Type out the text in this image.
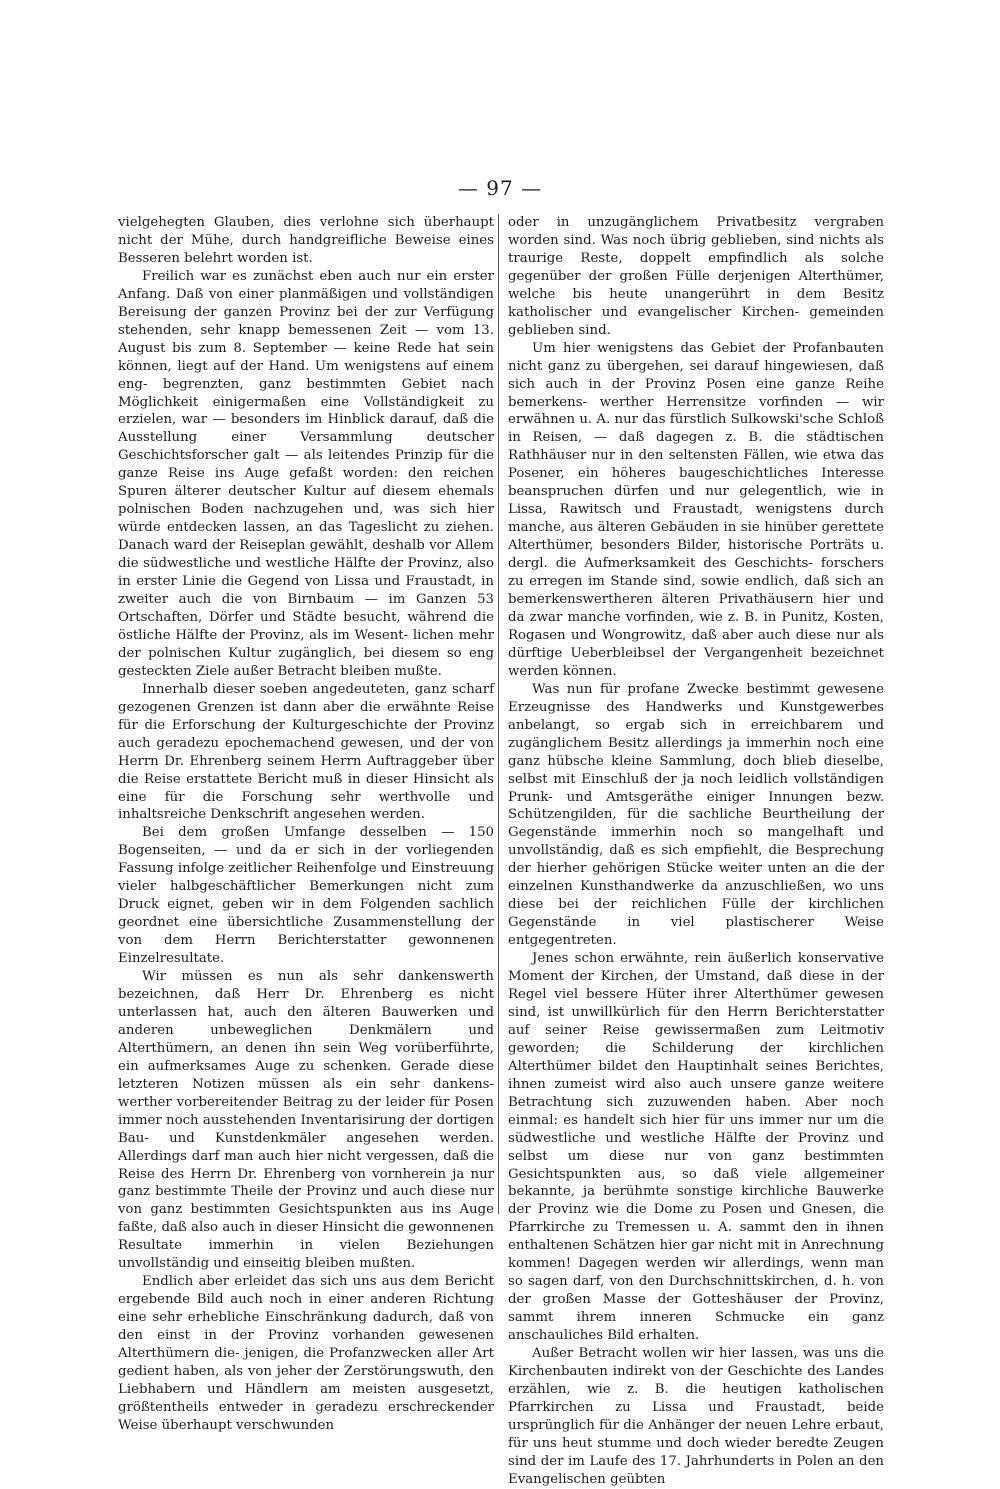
— 97 —

vielgehegten Glauben, dies verlohne sich überhaupt nicht der Mühe, durch handgreifliche Beweise eines Besseren belehrt worden ist.

Freilich war es zunächst eben auch nur ein erster Anfang. Daß von einer planmäßigen und vollständigen Bereisung der ganzen Provinz bei der zur Verfügung stehenden, sehr knapp bemessenen Zeit — vom 13. August bis zum 8. September — keine Rede hat sein können, liegt auf der Hand. Um wenigstens auf einem eng- begrenzten, ganz bestimmten Gebiet nach Möglichkeit einigermaßen eine Vollständigkeit zu erzielen, war — besonders im Hinblick darauf, daß die Ausstellung einer Versammlung deutscher Geschichtsforscher galt — als leitendes Prinzip für die ganze Reise ins Auge gefaßt worden: den reichen Spuren älterer deutscher Kultur auf diesem ehemals polnischen Boden nachzugehen und, was sich hier würde entdecken lassen, an das Tageslicht zu ziehen. Danach ward der Reiseplan gewählt, deshalb vor Allem die südwestliche und westliche Hälfte der Provinz, also in erster Linie die Gegend von Lissa und Fraustadt, in zweiter auch die von Birnbaum — im Ganzen 53 Ortschaften, Dörfer und Städte besucht, während die östliche Hälfte der Provinz, als im Wesent- lichen mehr der polnischen Kultur zugänglich, bei diesem so eng gesteckten Ziele außer Betracht bleiben mußte.

Innerhalb dieser soeben angedeuteten, ganz scharf gezogenen Grenzen ist dann aber die erwähnte Reise für die Erforschung der Kulturgeschichte der Provinz auch geradezu epochemachend gewesen, und der von Herrn Dr. Ehrenberg seinem Herrn Auftraggeber über die Reise erstattete Bericht muß in dieser Hinsicht als eine für die Forschung sehr werthvolle und inhaltsreiche Denkschrift angesehen werden.

Bei dem großen Umfange desselben — 150 Bogenseiten, — und da er sich in der vorliegenden Fassung infolge zeitlicher Reihenfolge und Einstreuung vieler halbgeschäftlicher Bemerkungen nicht zum Druck eignet, geben wir in dem Folgenden sachlich geordnet eine übersichtliche Zusammenstellung der von dem Herrn Berichterstatter gewonnenen Einzelresultate.

Wir müssen es nun als sehr dankenswerth bezeichnen, daß Herr Dr. Ehrenberg es nicht unterlassen hat, auch den älteren Bauwerken und anderen unbeweglichen Denkmälern und Alterthümern, an denen ihn sein Weg vorüberführte, ein aufmerksames Auge zu schenken. Gerade diese letzteren Notizen müssen als ein sehr dankens- werther vorbereitender Beitrag zu der leider für Posen immer noch ausstehenden Inventarisirung der dortigen Bau- und Kunstdenkmäler angesehen werden. Allerdings darf man auch hier nicht vergessen, daß die Reise des Herrn Dr. Ehrenberg von vornherein ja nur ganz bestimmte Theile der Provinz und auch diese nur von ganz bestimmten Gesichtspunkten aus ins Auge faßte, daß also auch in dieser Hinsicht die gewonnenen Resultate immerhin in vielen Beziehungen unvollständig und einseitig bleiben mußten.

Endlich aber erleidet das sich uns aus dem Bericht ergebende Bild auch noch in einer anderen Richtung eine sehr erhebliche Einschränkung dadurch, daß von den einst in der Provinz vorhanden gewesenen Alterthümern die- jenigen, die Profanzwecken aller Art gedient haben, als von jeher der Zerstörungswuth, den Liebhabern und Händlern am meisten ausgesetzt, größtentheils entweder in geradezu erschreckender Weise überhaupt verschwunden

oder in unzugänglichem Privatbesitz vergraben worden sind. Was noch übrig geblieben, sind nichts als traurige Reste, doppelt empfindlich als solche gegenüber der großen Fülle derjenigen Alterthümer, welche bis heute unangerührt in dem Besitz katholischer und evangelischer Kirchen- gemeinden geblieben sind.

Um hier wenigstens das Gebiet der Profanbauten nicht ganz zu übergehen, sei darauf hingewiesen, daß sich auch in der Provinz Posen eine ganze Reihe bemerkens- werther Herrensitze vorfinden — wir erwähnen u. A. nur das fürstlich Sulkowski'sche Schloß in Reisen, — daß dagegen z. B. die städtischen Rathhäuser nur in den seltensten Fällen, wie etwa das Posener, ein höheres baugeschichtliches Interesse beanspruchen dürfen und nur gelegentlich, wie in Lissa, Rawitsch und Fraustadt, wenigstens durch manche, aus älteren Gebäuden in sie hinüber gerettete Alterthümer, besonders Bilder, historische Porträts u. dergl. die Aufmerksamkeit des Geschichts- forschers zu erregen im Stande sind, sowie endlich, daß sich an bemerkenswertheren älteren Privathäusern hier und da zwar manche vorfinden, wie z. B. in Punitz, Kosten, Rogasen und Wongrowitz, daß aber auch diese nur als dürftige Ueberbleibsel der Vergangenheit bezeichnet werden können.

Was nun für profane Zwecke bestimmt gewesene Erzeugnisse des Handwerks und Kunstgewerbes anbelangt, so ergab sich in erreichbarem und zugänglichem Besitz allerdings ja immerhin noch eine ganz hübsche kleine Sammlung, doch blieb dieselbe, selbst mit Einschluß der ja noch leidlich vollständigen Prunk- und Amtsgeräthe einiger Innungen bezw. Schützengilden, für die sachliche Beurtheilung der Gegenstände immerhin noch so mangelhaft und unvollständig, daß es sich empfiehlt, die Besprechung der hierher gehörigen Stücke weiter unten an die der einzelnen Kunsthandwerke da anzuschließen, wo uns diese bei der reichlichen Fülle der kirchlichen Gegenstände in viel plastischerer Weise entgegentreten.

Jenes schon erwähnte, rein äußerlich konservative Moment der Kirchen, der Umstand, daß diese in der Regel viel bessere Hüter ihrer Alterthümer gewesen sind, ist unwillkürlich für den Herrn Berichterstatter auf seiner Reise gewissermaßen zum Leitmotiv geworden; die Schilderung der kirchlichen Alterthümer bildet den Hauptinhalt seines Berichtes, ihnen zumeist wird also auch unsere ganze weitere Betrachtung sich zuzuwenden haben. Aber noch einmal: es handelt sich hier für uns immer nur um die südwestliche und westliche Hälfte der Provinz und selbst um diese nur von ganz bestimmten Gesichtspunkten aus, so daß viele allgemeiner bekannte, ja berühmte sonstige kirchliche Bauwerke der Provinz wie die Dome zu Posen und Gnesen, die Pfarrkirche zu Tremessen u. A. sammt den in ihnen enthaltenen Schätzen hier gar nicht mit in Anrechnung kommen! Dagegen werden wir allerdings, wenn man so sagen darf, von den Durchschnittskirchen, d. h. von der großen Masse der Gotteshäuser der Provinz, sammt ihrem inneren Schmucke ein ganz anschauliches Bild erhalten.

Außer Betracht wollen wir hier lassen, was uns die Kirchenbauten indirekt von der Geschichte des Landes erzählen, wie z. B. die heutigen katholischen Pfarrkirchen zu Lissa und Fraustadt, beide ursprünglich für die Anhänger der neuen Lehre erbaut, für uns heut stumme und doch wieder beredte Zeugen sind der im Laufe des 17. Jahrhunderts in Polen an den Evangelischen geübten
